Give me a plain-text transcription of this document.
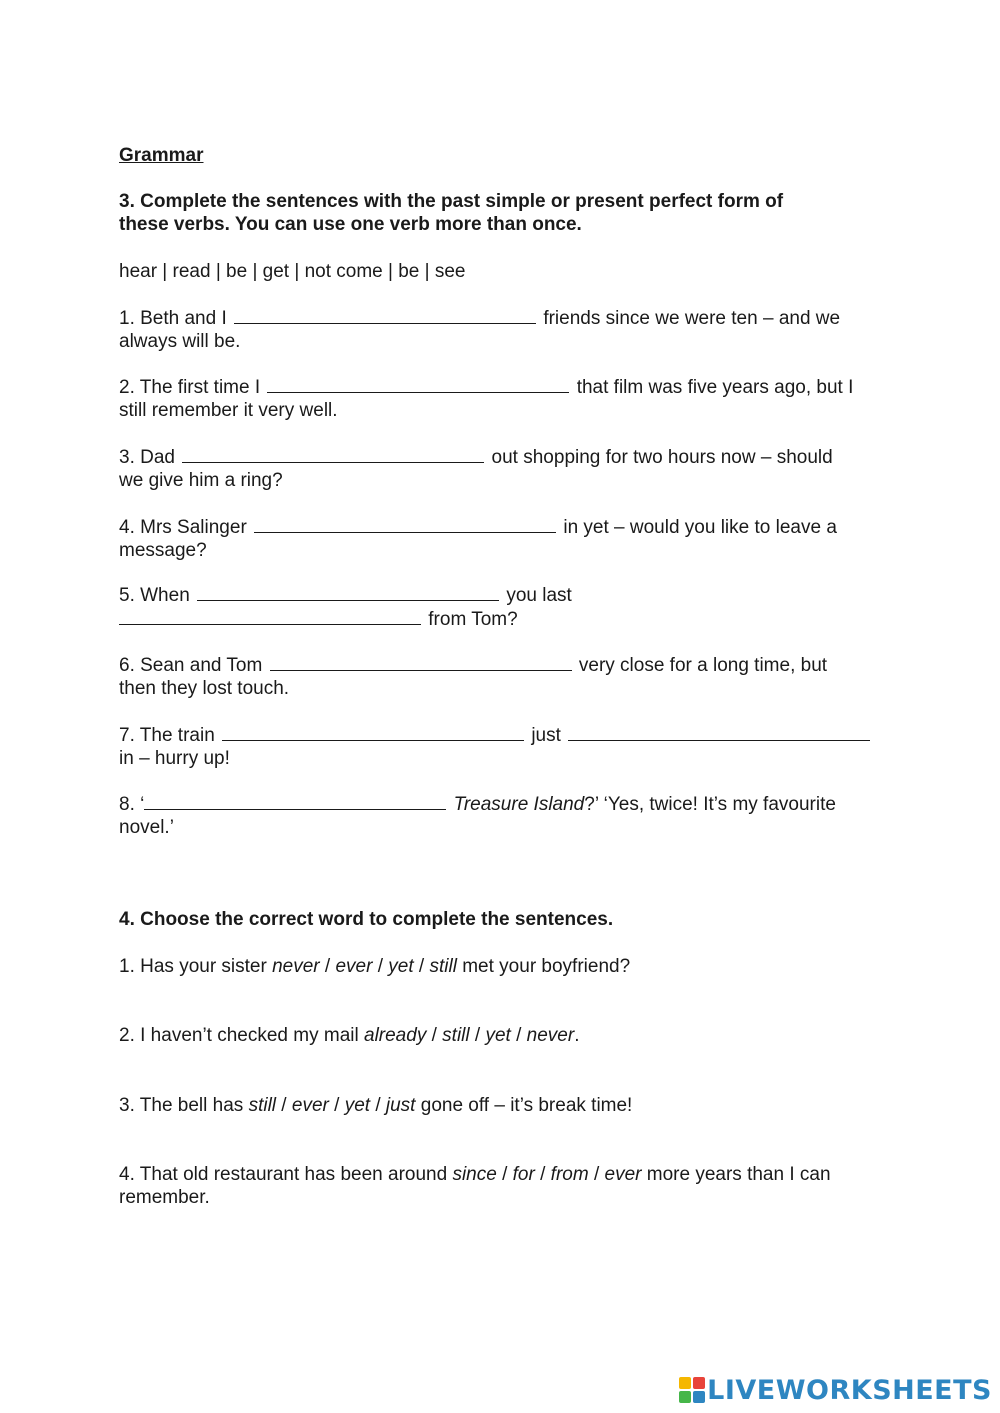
Grammar
3. Complete the sentences with the past simple or present perfect form of
these verbs. You can use one verb more than once.
hear | read | be | get | not come | be | see
1. Beth and I	friends since we were ten – and we
always will be.
2. The first time I	that film was five years ago, but I
still remember it very well.
3. Dad	out shopping for two hours now – should
we give him a ring?
4. Mrs Salinger	in yet – would you like to leave a
message?
5. When	you last
from Tom?
6. Sean and Tom	very close for a long time, but
then they lost touch.
7. The train	just
in – hurry up!
8. ‘	Treasure Island?’ ‘Yes, twice! It’s my favourite
novel.’
4. Choose the correct word to complete the sentences.
1. Has your sister never / ever / yet / still met your boyfriend?
2. I haven’t checked my mail already / still / yet / never.
3. The bell has still / ever / yet / just gone off – it’s break time!
4. That old restaurant has been around since / for / from / ever more years than I can
remember.
LIVEWORKSHEETS
